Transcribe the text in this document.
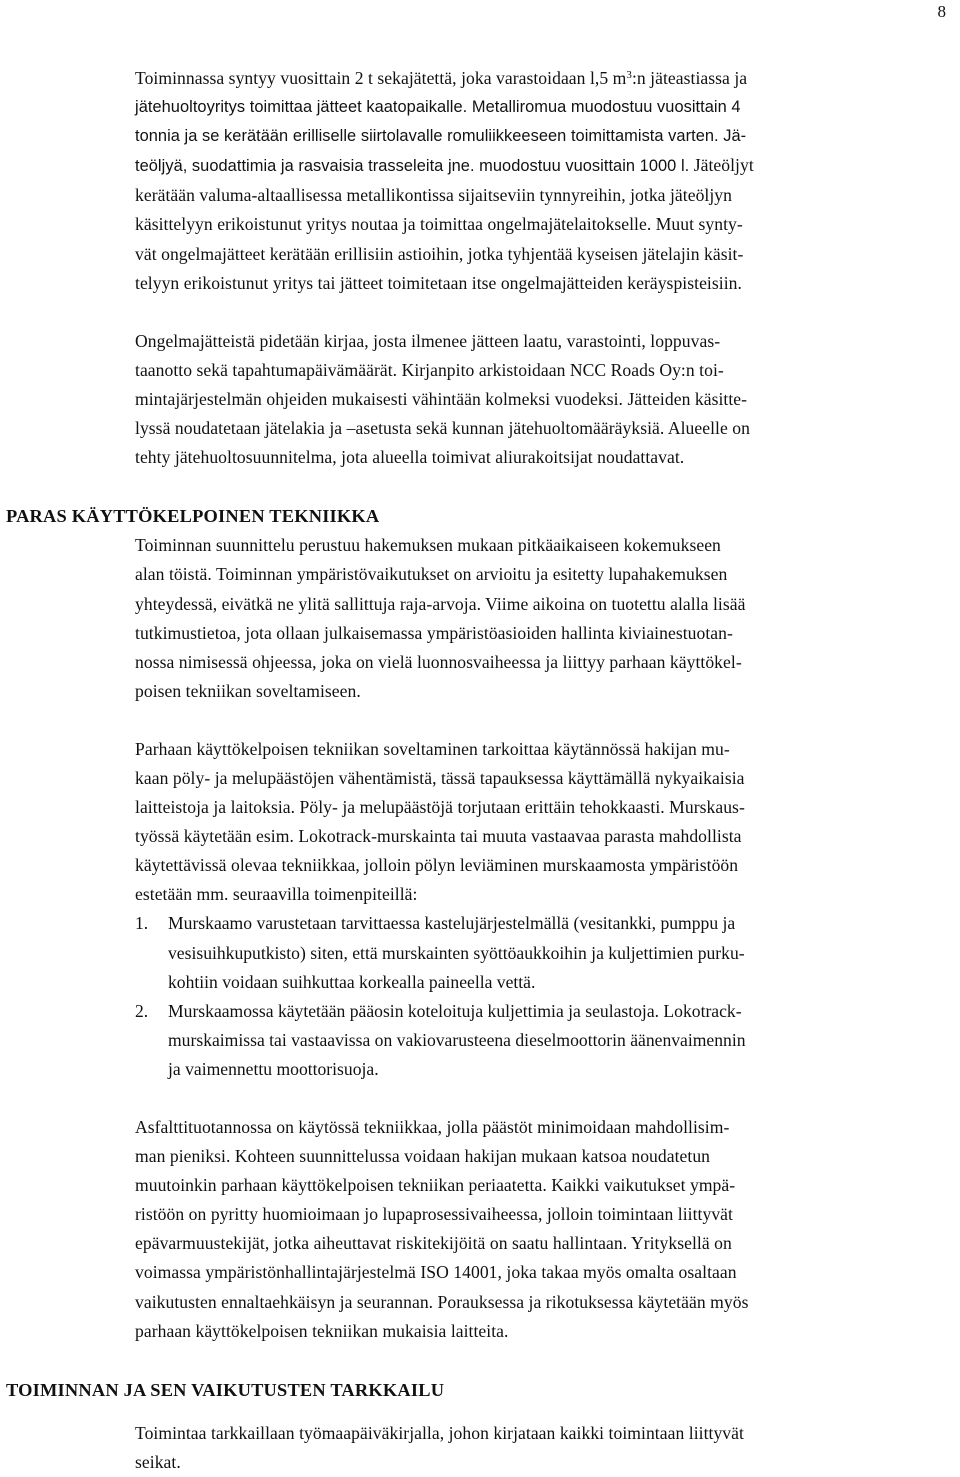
8
Toiminnassa syntyy vuosittain 2 t sekajätettä, joka varastoidaan l,5 $m^3:n$ jäteastiassa ja
jätehuoltoyritys toimittaa jätteet kaatopaikalle. Metalliromua muodostuu vuosittain 4
tonnia ja se kerätään erilliselle siirtolavalle romuliikkeeseen toimittamista varten. Jä-
teöljyä, suodattimia ja rasvaisia trasseleita jne. muodostuu vuosittain 1000 l. Jäteöljyt
kerätään valuma-altaallisessa metallikontissa sijaitseviin tynnyreihin, jotka jäteöljyn
käsittelyyn erikoistunut yritys noutaa ja toimittaa ongelmajätelaitokselle. Muut synty-
vät ongelmajätteet kerätään erillisiin astioihin, jotka tyhjentää kyseisen jätelajin käsit-
telyyn erikoistunut yritys tai jätteet toimitetaan itse ongelmajätteiden keräyspisteisiin.
Ongelmajätteistä pidetään kirjaa, josta ilmenee jätteen laatu, varastointi, loppuvas-
taanotto sekä tapahtumapäivämäärät. Kirjanpito arkistoidaan NCC Roads Oy:n toi-
mintajärjestelmän ohjeiden mukaisesti vähintään kolmeksi vuodeksi. Jätteiden käsitte-
lyssä noudatetaan jätelakia ja –asetusta sekä kunnan jätehuoltomääräyksiä. Alueelle on
tehty jätehuoltosuunnitelma, jota alueella toimivat aliurakoitsijat noudattavat.
PARAS KÄYTTÖKELPOINEN TEKNIIKKA
Toiminnan suunnittelu perustuu hakemuksen mukaan pitkäaikaiseen kokemukseen
alan töistä. Toiminnan ympäristövaikutukset on arvioitu ja esitetty lupahakemuksen
yhteydessä, eivätkä ne ylitä sallittuja raja-arvoja. Viime aikoina on tuotettu alalla lisää
tutkimustietoa, jota ollaan julkaisemassa ympäristöasioiden hallinta kiviainestuotan-
nossa nimisessä ohjeessa, joka on vielä luonnosvaiheessa ja liittyy parhaan käyttökel-
poisen tekniikan soveltamiseen.
Parhaan käyttökelpoisen tekniikan soveltaminen tarkoittaa käytännössä hakijan mu-
kaan pöly- ja melupäästöjen vähentämistä, tässä tapauksessa käyttämällä nykyaikaisia
laitteistoja ja laitoksia. Pöly- ja melupäästöjä torjutaan erittäin tehokkaasti. Murskaus-
työssä käytetään esim. Lokotrack-murskainta tai muuta vastaavaa parasta mahdollista
käytettävissä olevaa tekniikkaa, jolloin pölyn leviäminen murskaamosta ympäristöön
estetään mm. seuraavilla toimenpiteillä:
1. Murskaamo varustetaan tarvittaessa kastelujärjestelmällä (vesitankki, pumppu ja
vesisuihkuputkisto) siten, että murskainten syöttöaukkoihin ja kuljettimien purku-
kohtiin voidaan suihkuttaa korkealla paineella vettä.
2. Murskaamossa käytetään pääosin koteloituja kuljettimia ja seulastoja. Lokotrack-
murskaimissa tai vastaavissa on vakiovarusteena dieselmoottorin äänenvaimennin
ja vaimennettu moottorisuoja.
Asfalttituotannossa on käytössä tekniikkaa, jolla päästöt minimoidaan mahdollisim-
man pieniksi. Kohteen suunnittelussa voidaan hakijan mukaan katsoa noudatetun
muutoinkin parhaan käyttökelpoisen tekniikan periaatetta. Kaikki vaikutukset ympä-
ristöön on pyritty huomioimaan jo lupaprosessivaiheessa, jolloin toimintaan liittyvät
epävarmuustekijät, jotka aiheuttavat riskitekijöitä on saatu hallintaan. Yrityksellä on
voimassa ympäristönhallintajärjestelmä ISO 14001, joka takaa myös omalta osaltaan
vaikutusten ennaltaehkäisyn ja seurannan. Porauksessa ja rikotuksessa käytetään myös
parhaan käyttökelpoisen tekniikan mukaisia laitteita.
TOIMINNAN JA SEN VAIKUTUSTEN TARKKAILU
Toimintaa tarkkaillaan työmaapäiväkirjalla, johon kirjataan kaikki toimintaan liittyvät
seikat.
